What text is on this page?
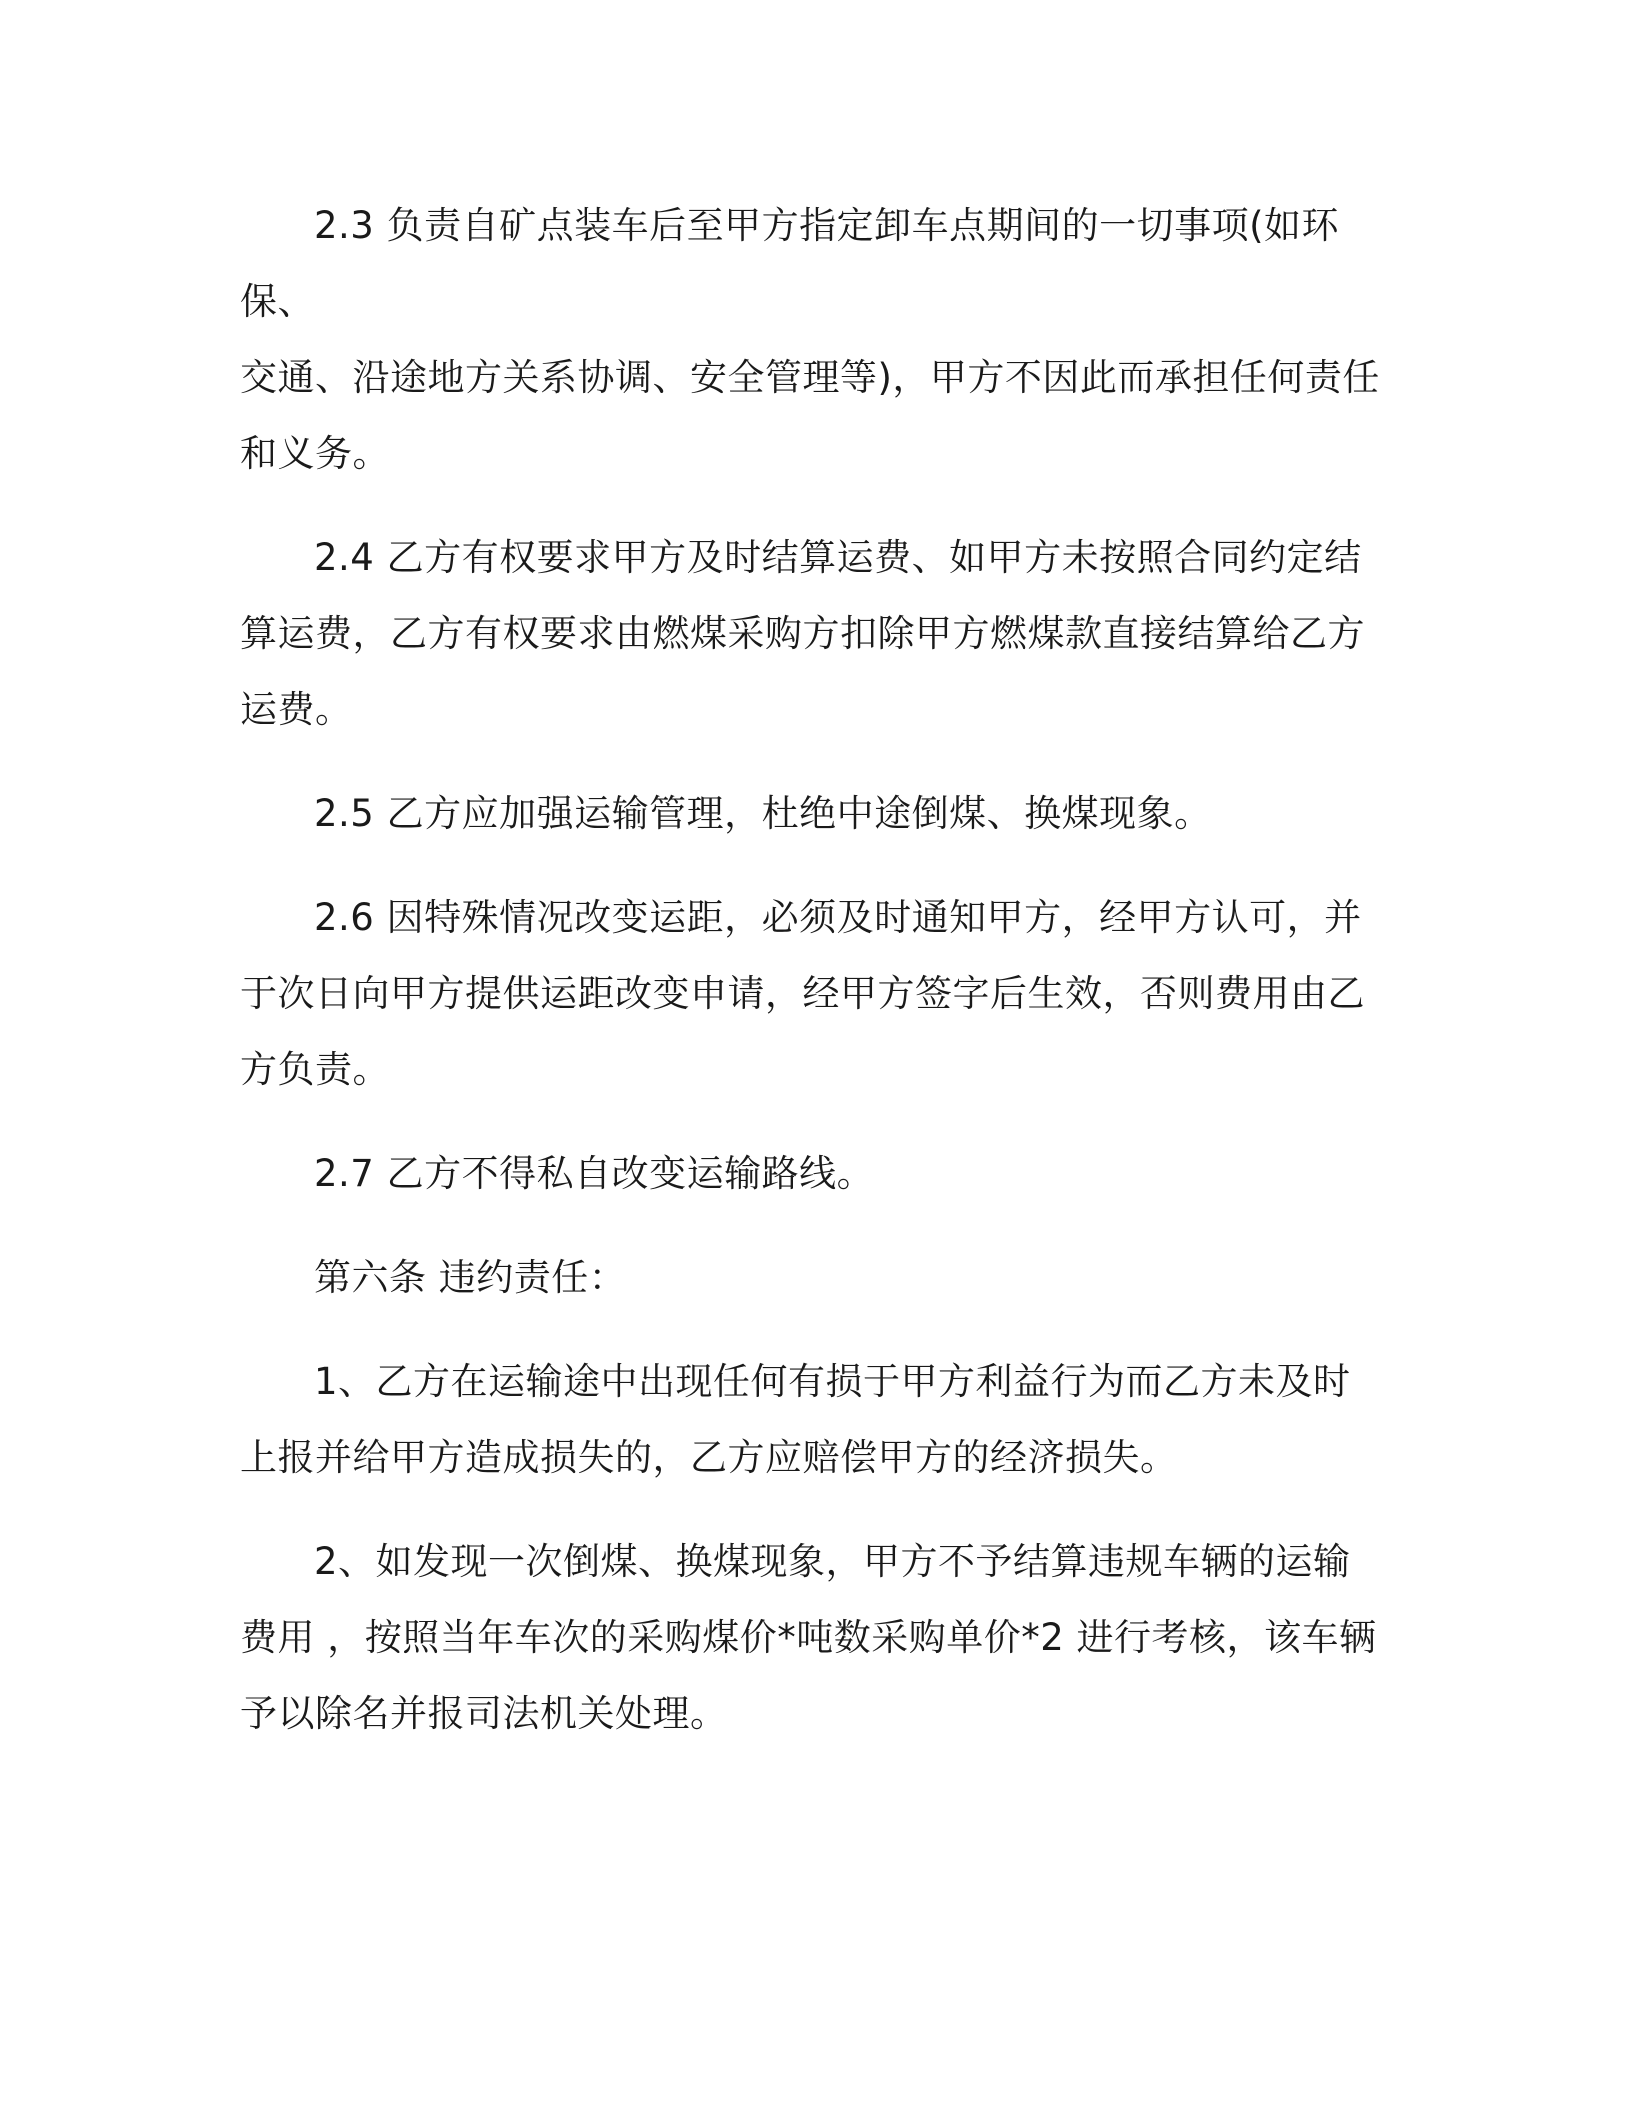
2.3 负责自矿点装车后至甲方指定卸车点期间的一切事项(如环保、
交通、沿途地方关系协调、安全管理等)，甲方不因此而承担任何责任
和义务。
2.4 乙方有权要求甲方及时结算运费、如甲方未按照合同约定结
算运费，乙方有权要求由燃煤采购方扣除甲方燃煤款直接结算给乙方
运费。
2.5 乙方应加强运输管理，杜绝中途倒煤、换煤现象。
2.6 因特殊情况改变运距，必须及时通知甲方，经甲方认可，并
于次日向甲方提供运距改变申请，经甲方签字后生效，否则费用由乙
方负责。
2.7 乙方不得私自改变运输路线。
第六条 违约责任：
1、乙方在运输途中出现任何有损于甲方利益行为而乙方未及时
上报并给甲方造成损失的，乙方应赔偿甲方的经济损失。
2、如发现一次倒煤、换煤现象，甲方不予结算违规车辆的运输
费用 ，按照当年车次的采购煤价*吨数采购单价*2 进行考核，该车辆
予以除名并报司法机关处理。
